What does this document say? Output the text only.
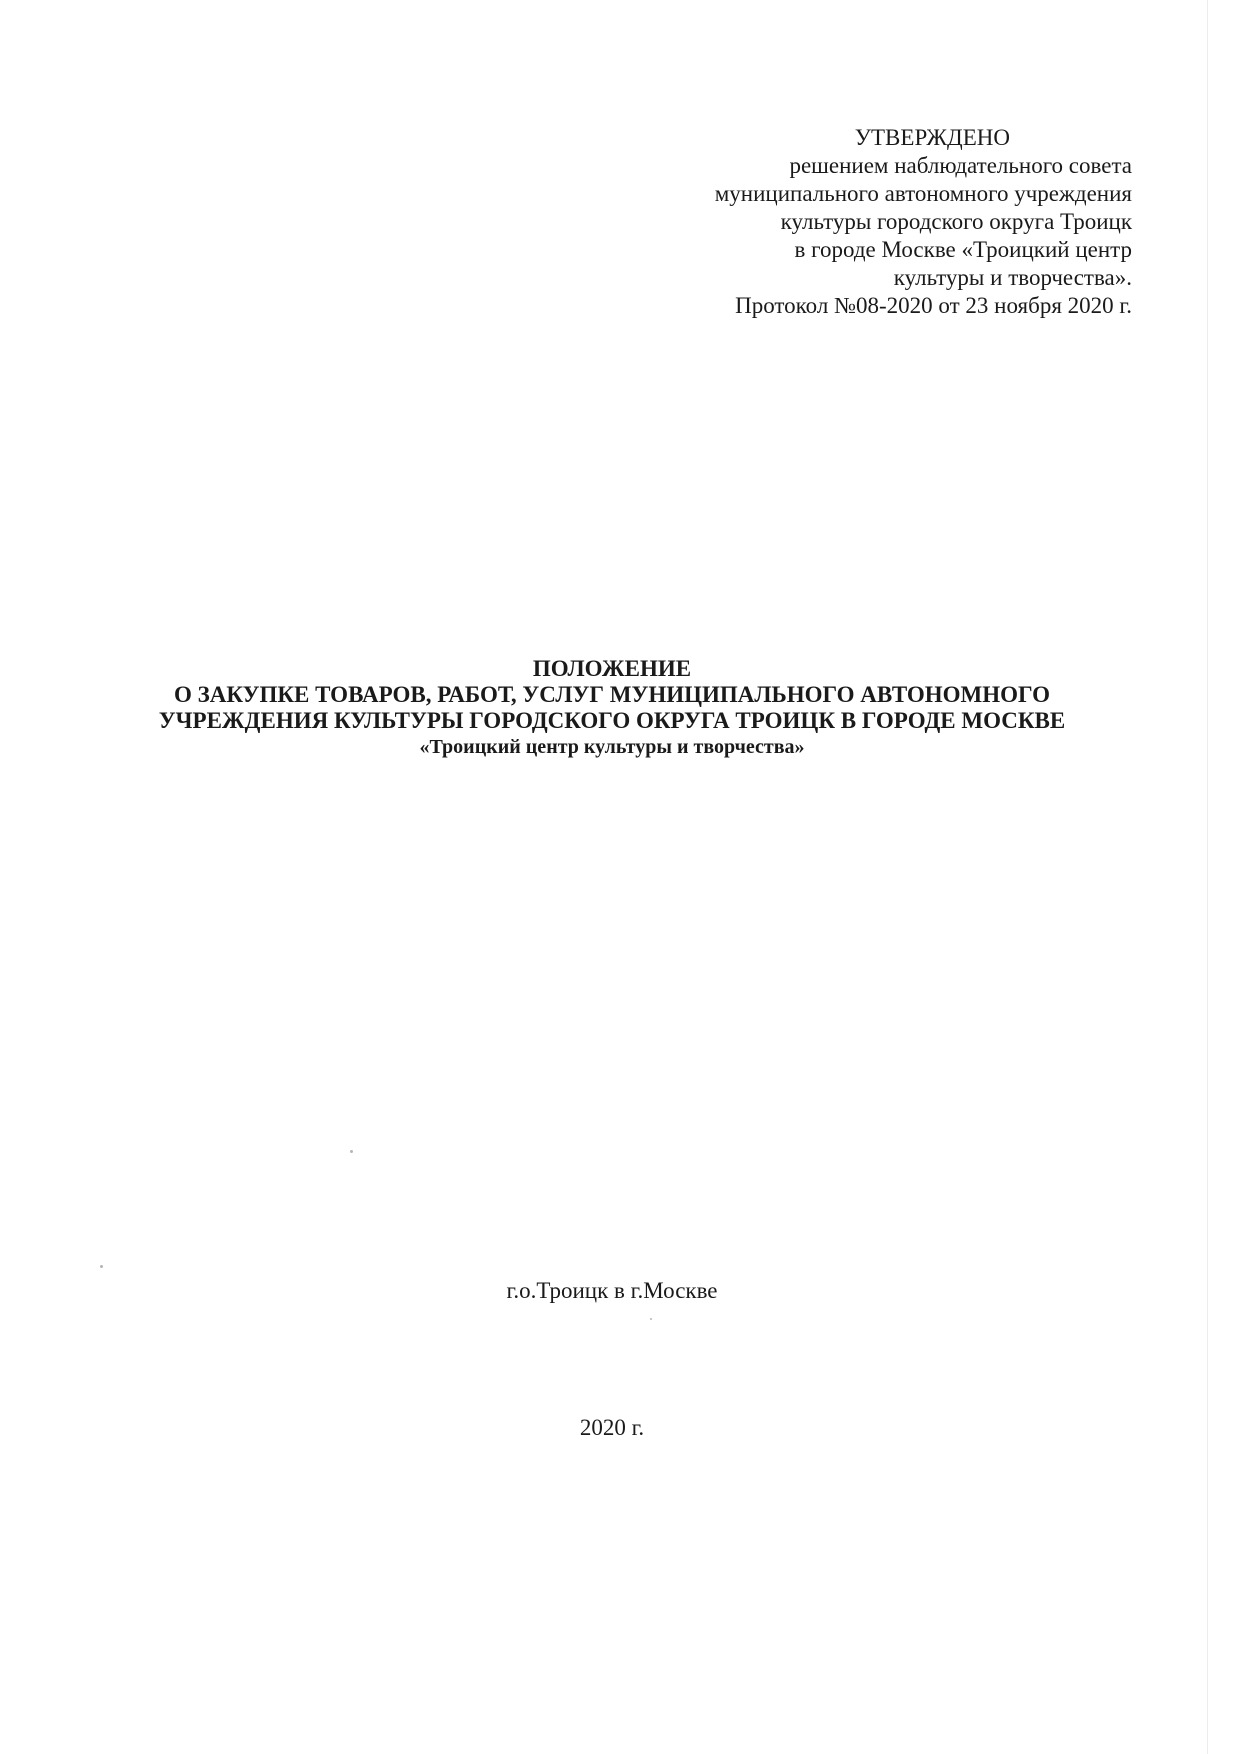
УТВЕРЖДЕНО
решением наблюдательного совета
муниципального автономного учреждения
культуры городского округа Троицк
в городе Москве «Троицкий центр
культуры и творчества».
Протокол №08-2020 от 23 ноября 2020 г.
ПОЛОЖЕНИЕ
О ЗАКУПКЕ ТОВАРОВ, РАБОТ, УСЛУГ МУНИЦИПАЛЬНОГО АВТОНОМНОГО
УЧРЕЖДЕНИЯ КУЛЬТУРЫ ГОРОДСКОГО ОКРУГА ТРОИЦК В ГОРОДЕ МОСКВЕ
«Троицкий центр культуры и творчества»
г.о.Троицк в г.Москве
2020 г.
